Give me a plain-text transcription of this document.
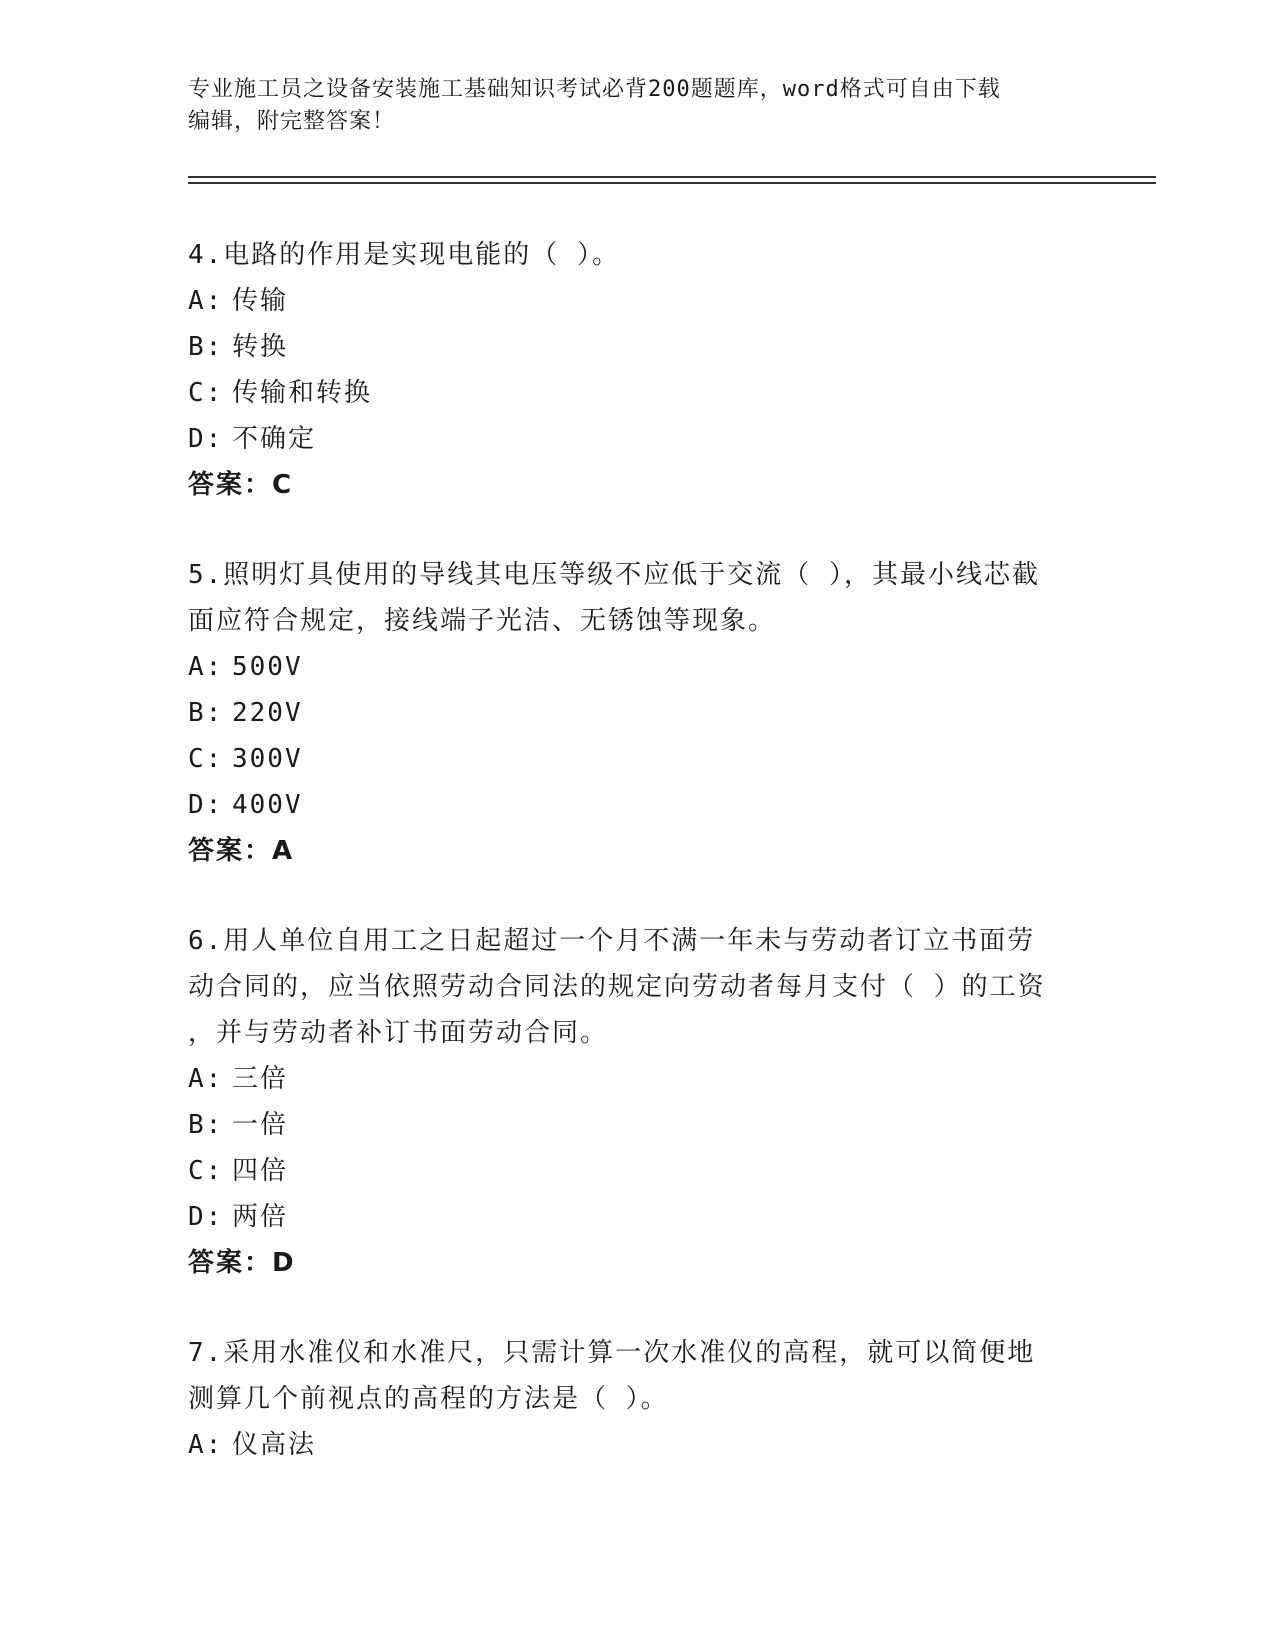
专业施工员之设备安装施工基础知识考试必背200题题库，word格式可自由下载
编辑，附完整答案！
4.电路的作用是实现电能的（ ）。
A: 传输
B: 转换
C: 传输和转换
D: 不确定
答案：C
5.照明灯具使用的导线其电压等级不应低于交流（ ），其最小线芯截
面应符合规定，接线端子光洁、无锈蚀等现象。
A: 500V
B: 220V
C: 300V
D: 400V
答案：A
6.用人单位自用工之日起超过一个月不满一年未与劳动者订立书面劳
动合同的，应当依照劳动合同法的规定向劳动者每月支付（ ）的工资
，并与劳动者补订书面劳动合同。
A: 三倍
B: 一倍
C: 四倍
D: 两倍
答案：D
7.采用水准仪和水准尺，只需计算一次水准仪的高程，就可以简便地
测算几个前视点的高程的方法是（ ）。
A: 仪高法
